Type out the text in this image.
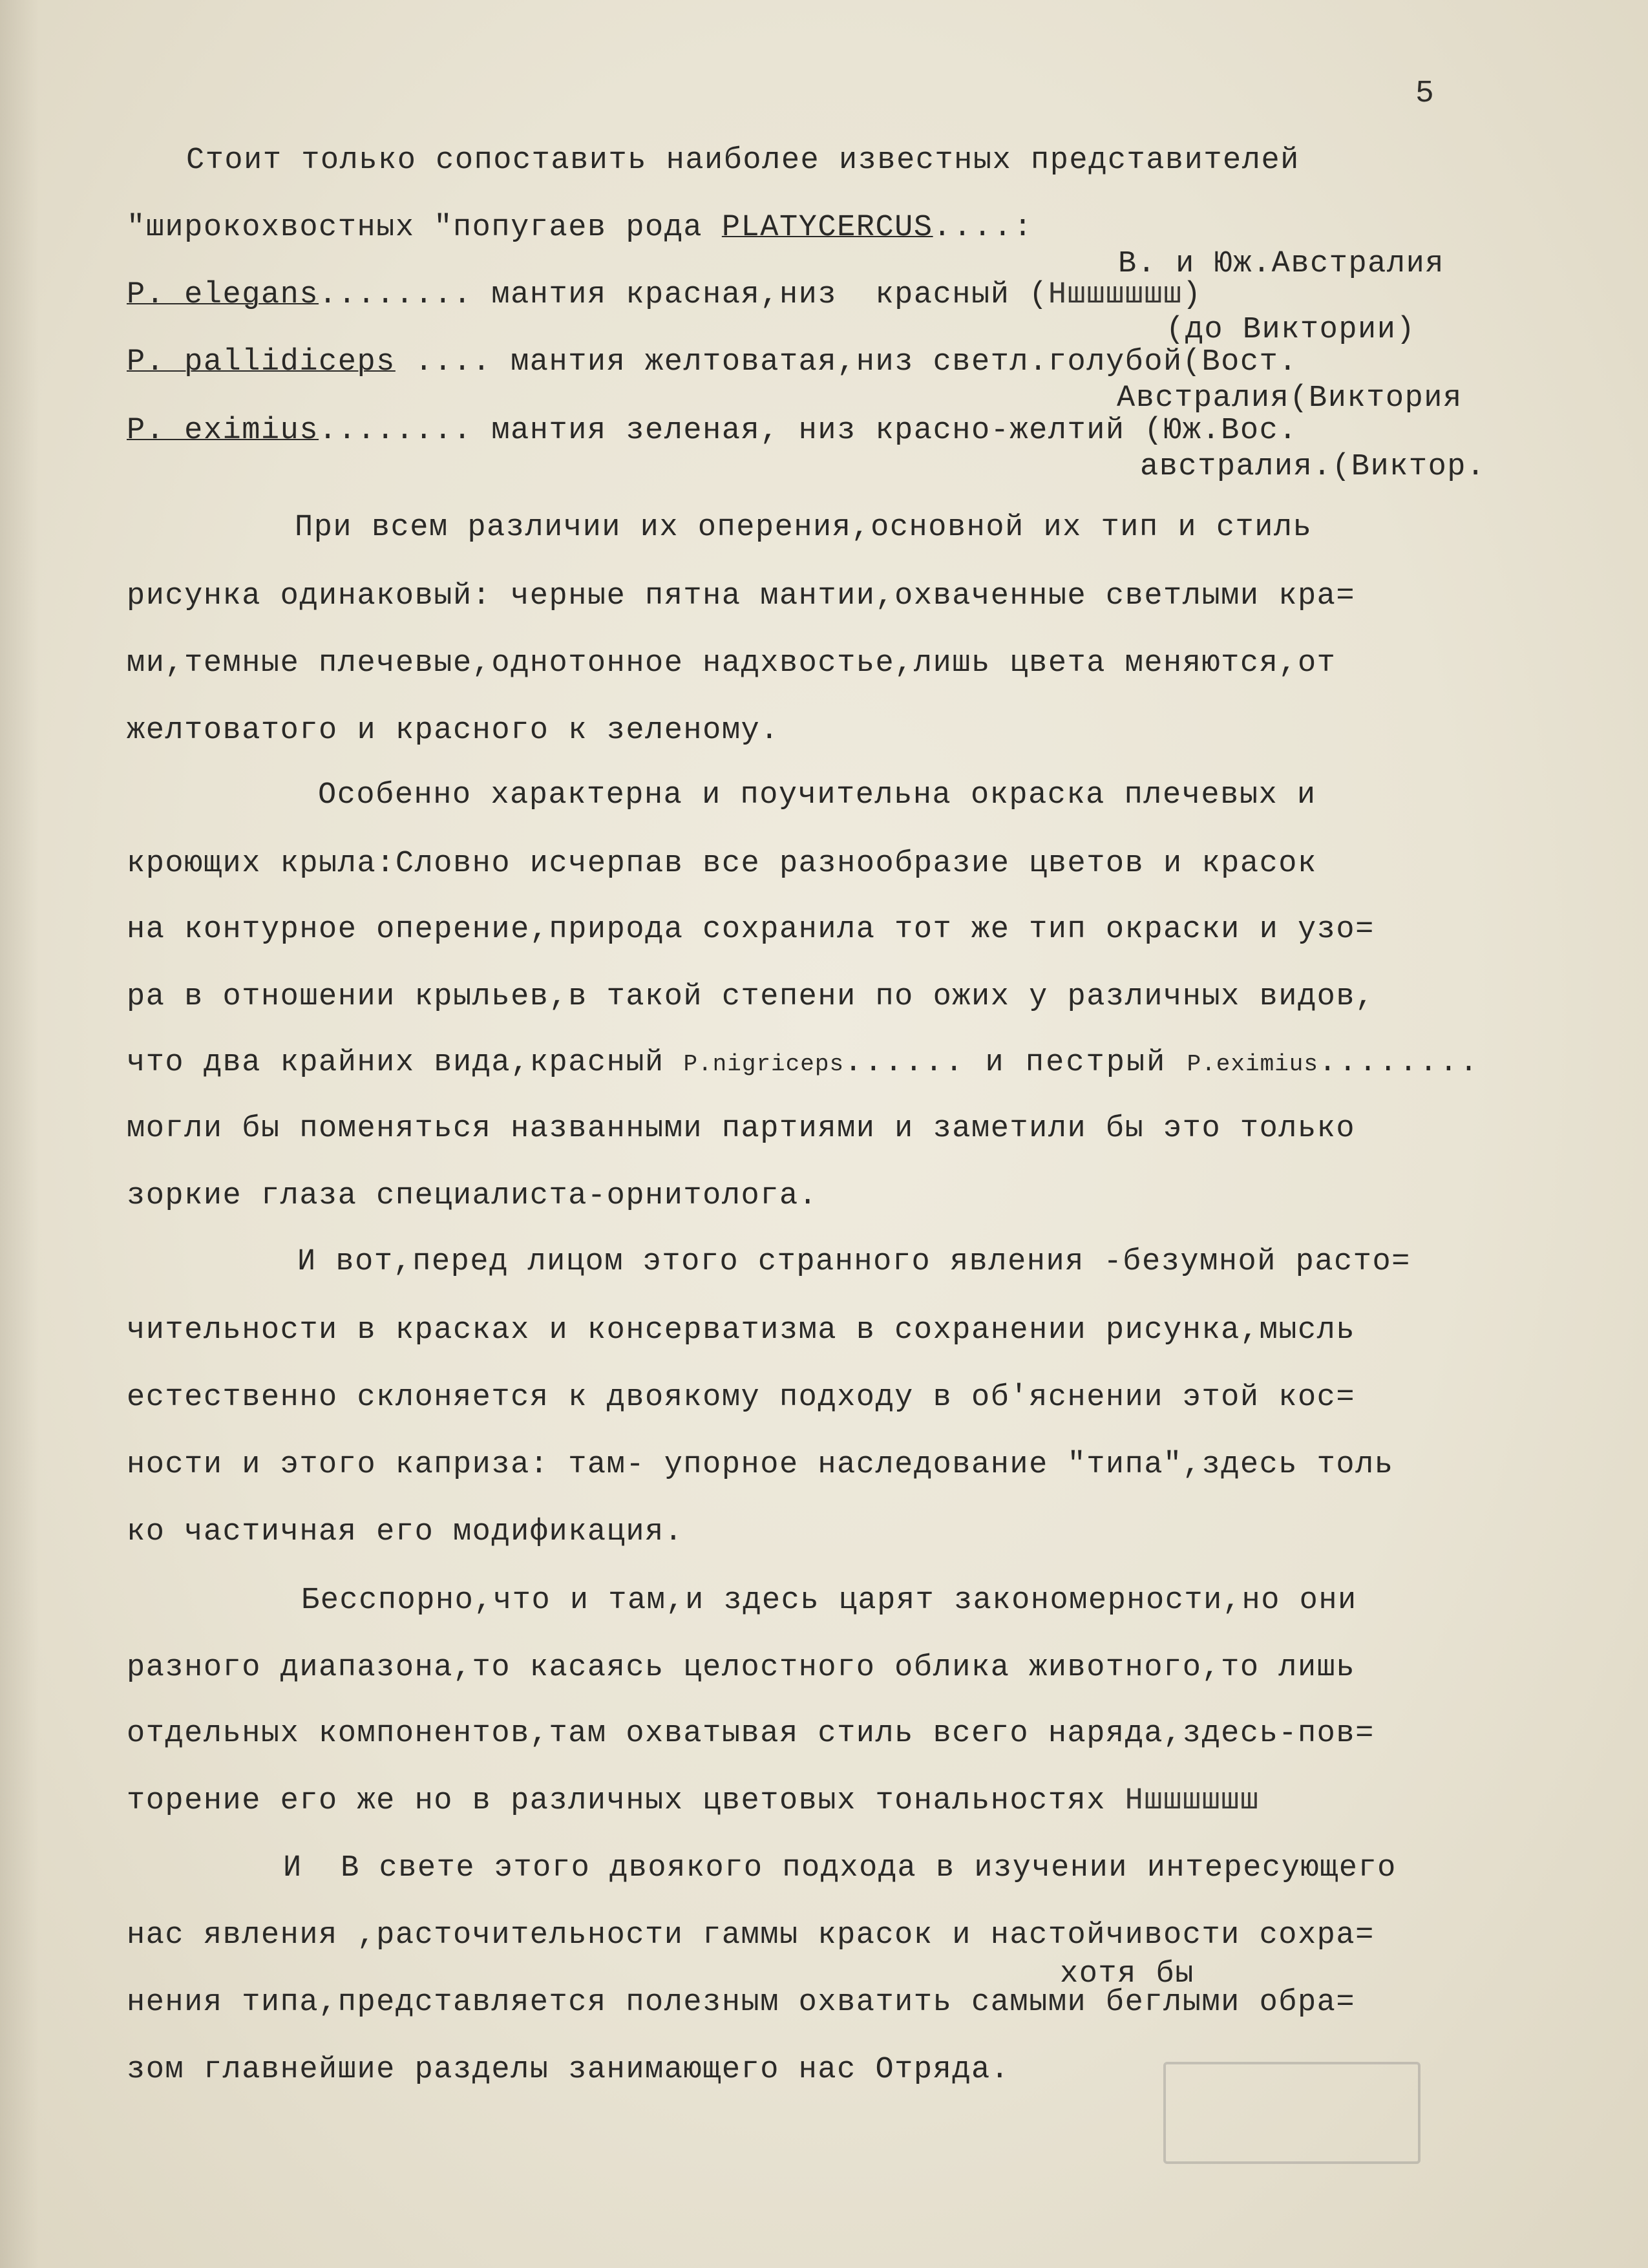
5
Стоит только сопоставить наиболее известных представителей
"широкохвостных "попугаев рода PLATYCERCUS....:
В. и Юж.Австралия
P. elegans........ мантия красная,низ  красный (Ншшшшшш)
(до Виктории)
P. pallidiceps .... мантия желтоватая,низ светл.голубой(Вост.
Австралия(Виктория
P. eximius........ мантия зеленая, низ красно-желтий (Юж.Вос.
австралия.(Виктор.
При всем различии их оперения,основной их тип и стиль
рисунка одинаковый: черные пятна мантии,охваченные светлыми кра=
ми,темные плечевые,однотонное надхвостье,лишь цвета меняются,от
желтоватого и красного к зеленому.
Особенно характерна и поучительна окраска плечевых и
кроющих крыла:Словно исчерпав все разнообразие цветов и красок
на контурное оперение,природа сохранила тот же тип окраски и узо=
ра в отношении крыльев,в такой степени по ожих у различных видов,
что два крайних вида,красный P.nigriceps...... и пестрый P.eximius........
могли бы поменяться названными партиями и заметили бы это только
зоркие глаза специалиста-орнитолога.
И вот,перед лицом этого странного явления -безумной расто=
чительности в красках и консерватизма в сохранении рисунка,мысль
естественно склоняется к двоякому подходу в об'яснении этой кос=
ности и этого каприза: там- упорное наследование "типа",здесь толь
ко частичная его модификация.
Бесспорно,что и там,и здесь царят закономерности,но они
разного диапазона,то касаясь целостного облика животного,то лишь
отдельных компонентов,там охватывая стиль всего наряда,здесь-пов=
торение его же но в различных цветовых тональностях Ншшшшшш
И  В свете этого двоякого подхода в изучении интересующего
нас явления ,расточительности гаммы красок и настойчивости сохра=
хотя бы
нения типа,представляется полезным охватить самыми беглыми обра=
зом главнейшие разделы занимающего нас Отряда.
